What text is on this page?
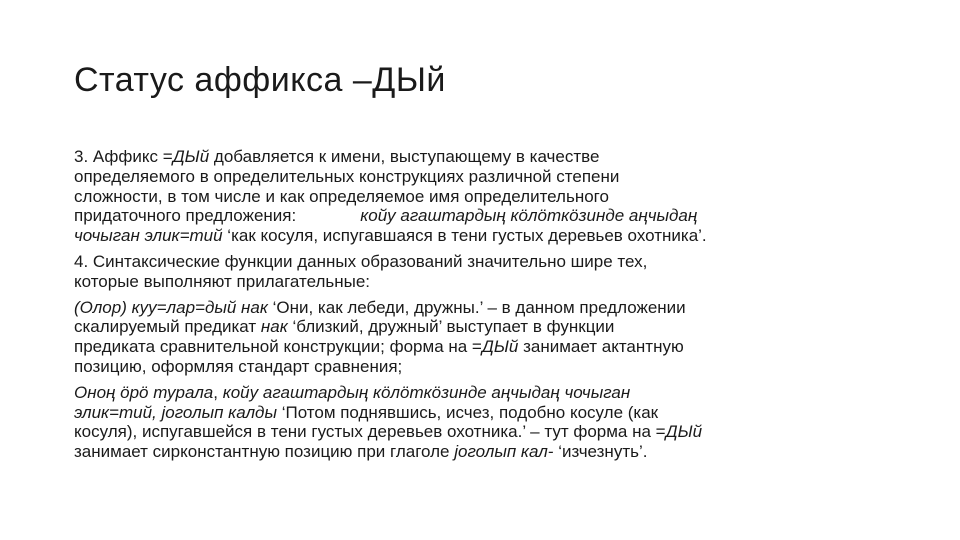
Статус аффикса –ДЫй
3. Аффикс =ДЫй добавляется к имени, выступающему в качестве
определяемого в определительных конструкциях различной степени
сложности, в том числе и как определяемое имя определительного
придаточного предложения:	койу агаштардың кӧлӧткӧзинде аңчыдаң
чочыган элик=тий ‘как косуля, испугавшаяся в тени густых деревьев охотника’.
4. Синтаксические функции данных образований значительно шире тех,
которые выполняют прилагательные:
(Олор) куу=лар=дый нак ‘Они, как лебеди, дружны.’ – в данном предложении
скалируемый предикат нак ‘близкий, дружный’ выступает в функции
предиката сравнительной конструкции; форма на =ДЫй занимает актантную
позицию, оформляя стандарт сравнения;
Оноң ӧрӧ турала, койу агаштардың кӧлӧткӧзинде аңчыдаң чочыган
элик=тий, јоголып калды ‘Потом поднявшись, исчез, подобно косуле (как
косуля), испугавшейся в тени густых деревьев охотника.’ – тут форма на =ДЫй
занимает сирконстантную позицию при глаголе јоголып кал- ‘изчезнуть’.
